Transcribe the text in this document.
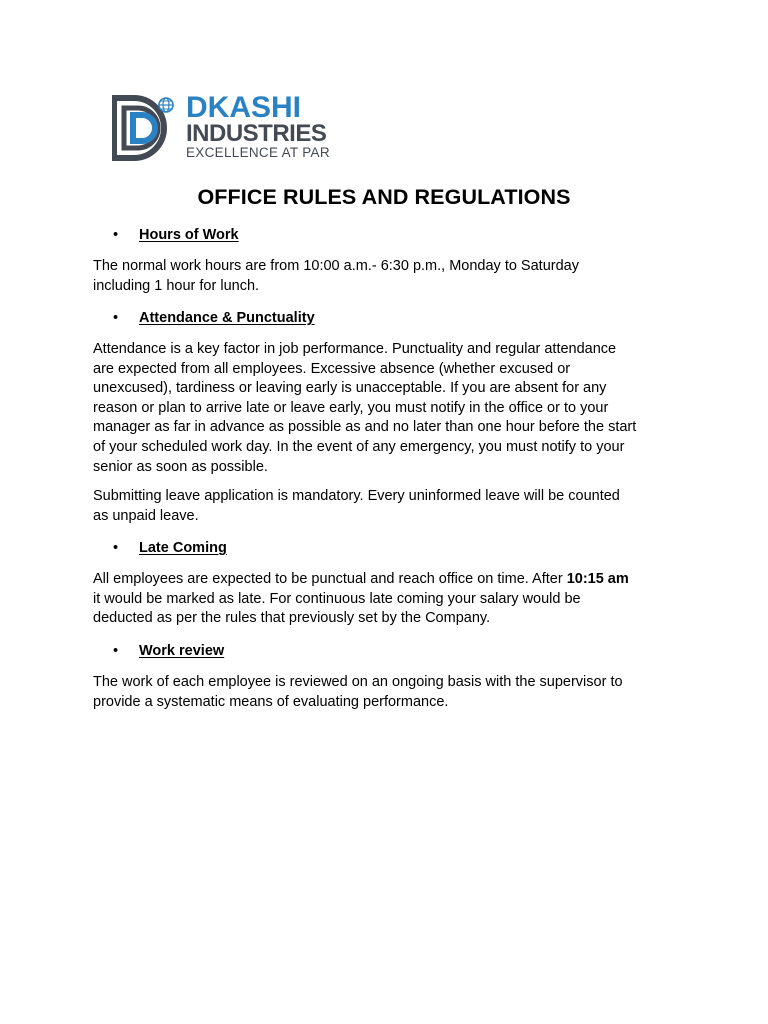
DKASHI
INDUSTRIES
EXCELLENCE AT PAR
OFFICE RULES AND REGULATIONS
• Hours of Work
The normal work hours are from 10:00 a.m.- 6:30 p.m., Monday to Saturday
including 1 hour for lunch.
• Attendance & Punctuality
Attendance is a key factor in job performance. Punctuality and regular attendance
are expected from all employees. Excessive absence (whether excused or
unexcused), tardiness or leaving early is unacceptable. If you are absent for any
reason or plan to arrive late or leave early, you must notify in the office or to your
manager as far in advance as possible as and no later than one hour before the start
of your scheduled work day. In the event of any emergency, you must notify to your
senior as soon as possible.
Submitting leave application is mandatory. Every uninformed leave will be counted
as unpaid leave.
• Late Coming
All employees are expected to be punctual and reach office on time. After 10:15 am
it would be marked as late. For continuous late coming your salary would be
deducted as per the rules that previously set by the Company.
• Work review
The work of each employee is reviewed on an ongoing basis with the supervisor to
provide a systematic means of evaluating performance.
